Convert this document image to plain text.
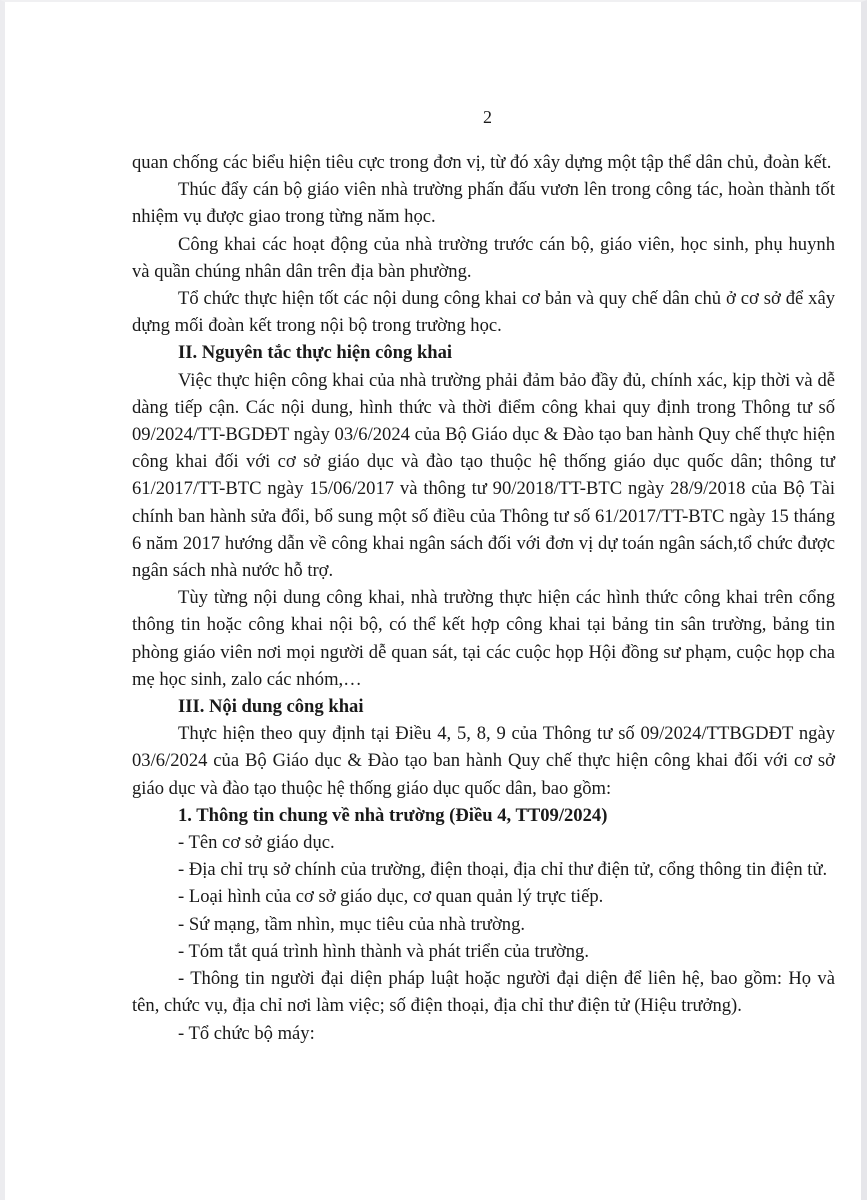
2

quan chống các biểu hiện tiêu cực trong đơn vị, từ đó xây dựng một tập thể dân chủ, đoàn kết.

Thúc đẩy cán bộ giáo viên nhà trường phấn đấu vươn lên trong công tác, hoàn thành tốt nhiệm vụ được giao trong từng năm học.

Công khai các hoạt động của nhà trường trước cán bộ, giáo viên, học sinh, phụ huynh và quần chúng nhân dân trên địa bàn phường.

Tổ chức thực hiện tốt các nội dung công khai cơ bản và quy chế dân chủ ở cơ sở để xây dựng mối đoàn kết trong nội bộ trong trường học.

II. Nguyên tắc thực hiện công khai

Việc thực hiện công khai của nhà trường phải đảm bảo đầy đủ, chính xác, kịp thời và dễ dàng tiếp cận. Các nội dung, hình thức và thời điểm công khai quy định trong Thông tư số 09/2024/TT-BGDĐT ngày 03/6/2024 của Bộ Giáo dục & Đào tạo ban hành Quy chế thực hiện công khai đối với cơ sở giáo dục và đào tạo thuộc hệ thống giáo dục quốc dân; thông tư 61/2017/TT-BTC ngày 15/06/2017 và thông tư 90/2018/TT-BTC ngày 28/9/2018 của Bộ Tài chính ban hành sửa đổi, bổ sung một số điều của Thông tư số 61/2017/TT-BTC ngày 15 tháng 6 năm 2017 hướng dẫn về công khai ngân sách đối với đơn vị dự toán ngân sách,tổ chức được ngân sách nhà nước hỗ trợ.

Tùy từng nội dung công khai, nhà trường thực hiện các hình thức công khai trên cổng thông tin hoặc công khai nội bộ, có thể kết hợp công khai tại bảng tin sân trường, bảng tin phòng giáo viên nơi mọi người dễ quan sát, tại các cuộc họp Hội đồng sư phạm, cuộc họp cha mẹ học sinh, zalo các nhóm,…

III. Nội dung công khai

Thực hiện theo quy định tại Điều 4, 5, 8, 9 của Thông tư số 09/2024/TTBGDĐT ngày 03/6/2024 của Bộ Giáo dục & Đào tạo ban hành Quy chế thực hiện công khai đối với cơ sở giáo dục và đào tạo thuộc hệ thống giáo dục quốc dân, bao gồm:

1. Thông tin chung về nhà trường (Điều 4, TT09/2024)

- Tên cơ sở giáo dục.

- Địa chỉ trụ sở chính của trường, điện thoại, địa chỉ thư điện tử, cổng thông tin điện tử.

- Loại hình của cơ sở giáo dục, cơ quan quản lý trực tiếp.

- Sứ mạng, tầm nhìn, mục tiêu của nhà trường.

- Tóm tắt quá trình hình thành và phát triển của trường.

- Thông tin người đại diện pháp luật hoặc người đại diện để liên hệ, bao gồm: Họ và tên, chức vụ, địa chỉ nơi làm việc; số điện thoại, địa chỉ thư điện tử (Hiệu trưởng).

- Tổ chức bộ máy:
